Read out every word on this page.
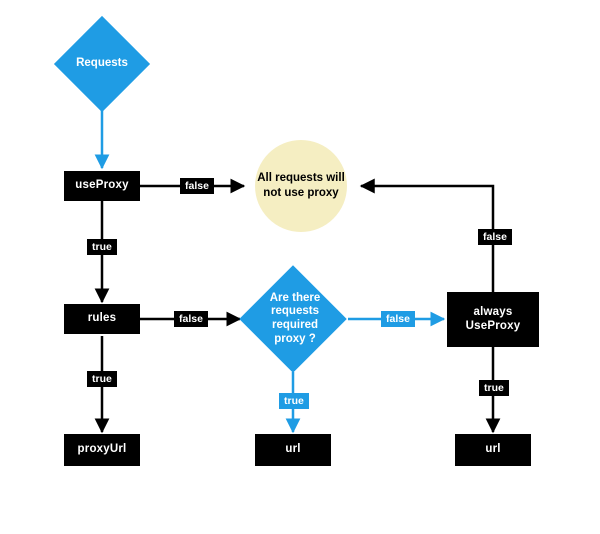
Requests
useProxy
rules
proxyUrl
All requests will not use proxy
Are there requests required proxy ?
url
always UseProxy
url
false
true
false
true
false
true
false
true
